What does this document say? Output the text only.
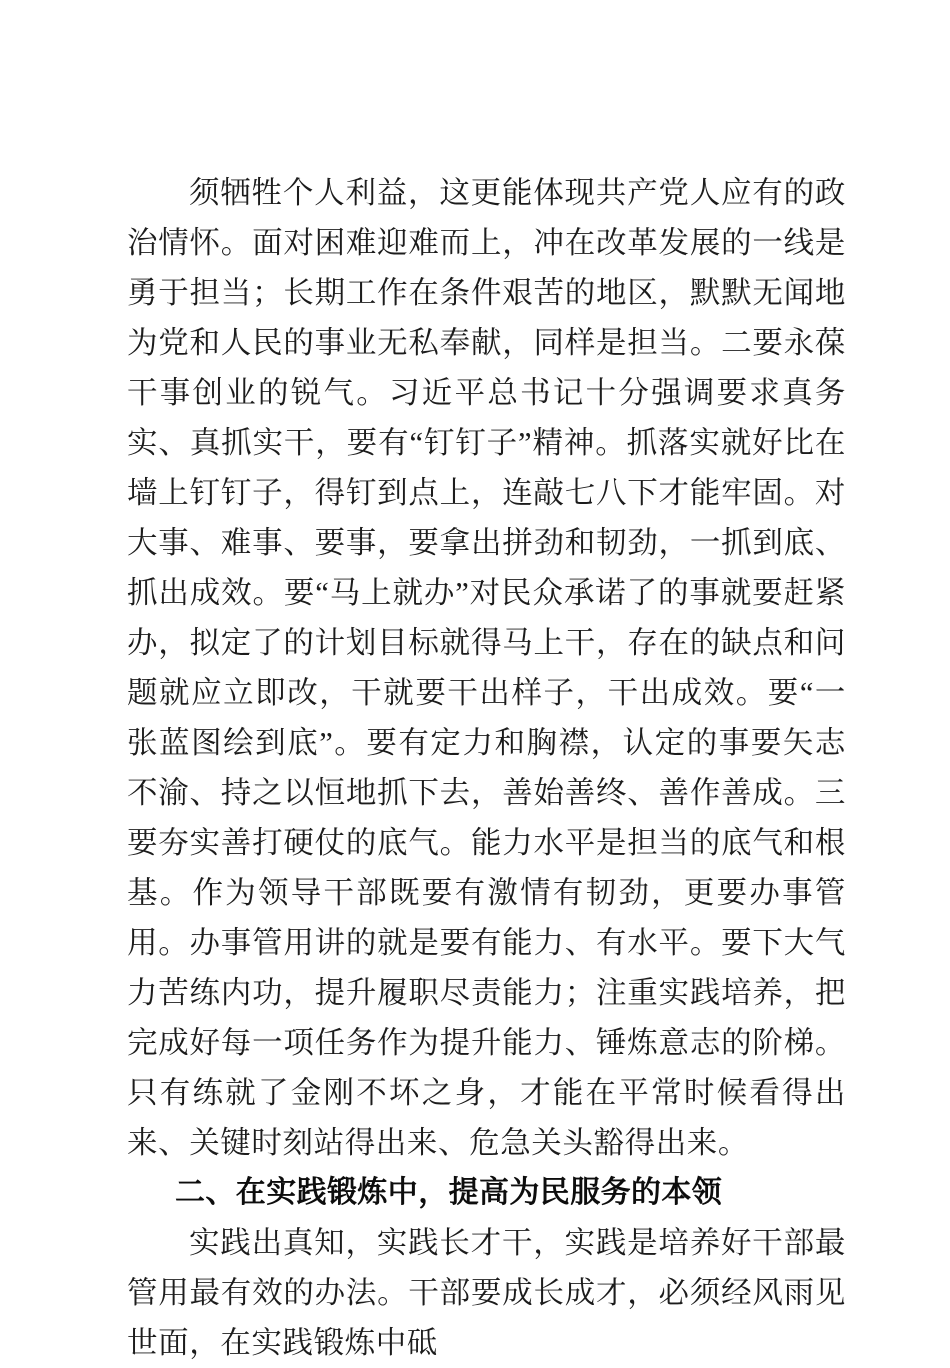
须牺牲个人利益，这更能体现共产党人应有的政治情怀。面对困难迎难而上，冲在改革发展的一线是勇于担当；长期工作在条件艰苦的地区，默默无闻地为党和人民的事业无私奉献，同样是担当。二要永葆干事创业的锐气。习近平总书记十分强调要求真务实、真抓实干，要有“钉钉子”精神。抓落实就好比在墙上钉钉子，得钉到点上，连敲七八下才能牢固。对大事、难事、要事，要拿出拼劲和韧劲，一抓到底、抓出成效。要“马上就办”对民众承诺了的事就要赶紧办，拟定了的计划目标就得马上干，存在的缺点和问题就应立即改，干就要干出样子，干出成效。要“一张蓝图绘到底”。要有定力和胸襟，认定的事要矢志不渝、持之以恒地抓下去，善始善终、善作善成。三要夯实善打硬仗的底气。能力水平是担当的底气和根基。作为领导干部既要有激情有韧劲，更要办事管用。办事管用讲的就是要有能力、有水平。要下大气力苦练内功，提升履职尽责能力；注重实践培养，把完成好每一项任务作为提升能力、锤炼意志的阶梯。只有练就了金刚不坏之身，才能在平常时候看得出来、关键时刻站得出来、危急关头豁得出来。

二、在实践锻炼中，提高为民服务的本领

实践出真知，实践长才干，实践是培养好干部最管用最有效的办法。干部要成长成才，必须经风雨见世面，在实践锻炼中砥
